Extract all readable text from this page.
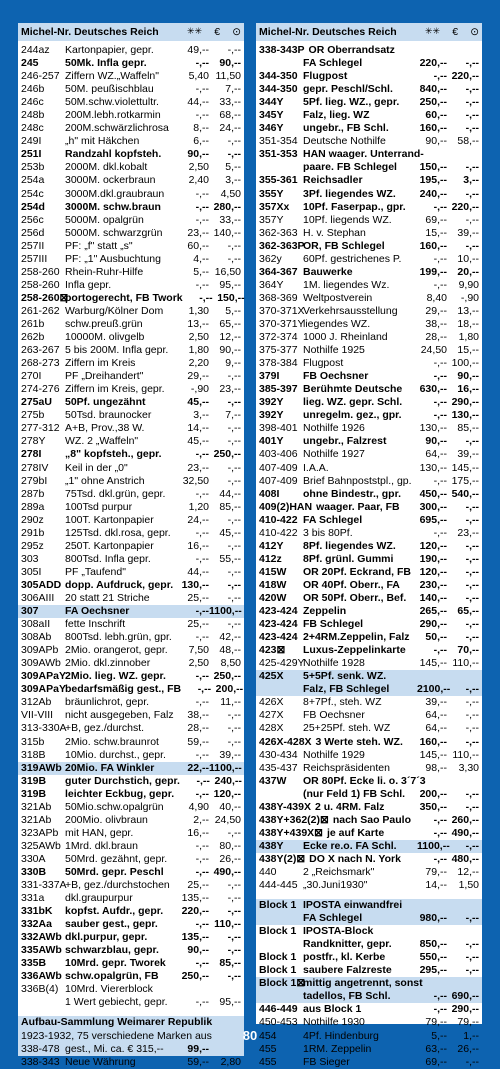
Michel-Nr. Deutsches Reich	✳✳ € ⊙
244az	Kartonpapier, gepr.	49,--	-,--
245	50Mk. Infla gepr.	-,-- 90,--
246-257 Ziffern WZ.„Waffeln"	5,40 11,50
246b	50M. peußischblau	-,--	7,--
246c	50M.schw.violettultr.	44,-- 33,--
248b	200M.lebh.rotkarmin	-,-- 68,--
248c	200M.schwärzlichrosa	8,-- 24,--
249I	„h" mit Häkchen	6,--	-,--
251I	Randzahl kopfsteh.	90,--	-,--
253b	2000M. dkl.kobalt	2,50	5,--
254a	3000M. ockerbraun	2,40	3,--
254c	3000M.dkl.graubraun	-,--	4,50
254d	3000M. schw.braun	-,-- 280,--
256c	5000M. opalgrün	-,-- 33,--
256d	5000M. schwarzgrün	23,-- 140,--
257II	PF: „f" statt „s"	60,--	-,--
257III	PF: „1" Ausbuchtung	4,--	-,--
258-260 Rhein-Ruhr-Hilfe	5,-- 16,50
258-260 Infla gepr.	-,-- 95,--
258-260⊠
portogerecht, FB Twork	-,-- 150,--
261-262 Warburg/Kölner Dom	1,30	5,--
261b	schw.preuß.grün	13,-- 65,--
262b	10000M. olivgelb	2,50 12,--
263-267 5 bis 200M. Infla gepr.	1,80 90,--
268-273 Ziffern im Kreis	2,20	9,--
270I	PF „Dreihandert"	29,--	-,--
274-276 Ziffern im Kreis, gepr.	-,90 23,--
275aU	50Pf. ungezähnt	45,--	-,--
275b	50Tsd. braunocker	3,--	7,--
277-312 A+B, Prov.,38 W.	14,--	-,--
278Y	WZ. 2 „Waffeln"	45,--	-,--
278I	„8" kopfsteh., gepr.	-,-- 250,--
278IV	Keil in der „0"	23,--	-,--
279bI	„1" ohne Anstrich	32,50	-,--
287b	75Tsd. dkl.grün, gepr.	-,-- 44,--
289a	100Tsd purpur	1,20 85,--
290z	100T. Kartonpapier	24,--	-,--
291b	125Tsd. dkl.rosa, gepr.	-,-- 45,--
295z	250T. Kartonpapier	16,--	-,--
303	800Tsd. Infla gepr.	-,-- 55,--
305I	PF „Taufend"	44,--	-,--
305ADD dopp. Aufdruck, gepr. 130,--	-,--
306AIII	20 statt 21 Striche	25,--	-,--
307	FA Oechsner	-,-- 1100,--
308aII	fette Inschrift	25,--	-,--
308Ab	800Tsd. lebh.grün, gpr.	-,-- 42,--
309APb 2Mio. orangerot, gepr.	7,50 48,--
309AWb 2Mio. dkl.zinnober	2,50	8,50
309APaY 2Mio. lieg. WZ. gepr.	-,-- 250,--
309APaY bedarfsmäßig gest., FB	-,-- 200,--
312Ab	bräunlichrot, gepr.	-,--	11,--
VII-VIII	nicht ausgegeben, Falz	38,--	-,--
313-330A
+B, gez./durchst.	28,--	-,--
315b	2Mio. schw.braunrot	59,--	-,--
318B	10Mio. durchst., gepr.	-,-- 39,--
319AWb 20Mio. FA Winkler	22,-- 1100,--
319B	guter Durchstich, gepr.	-,-- 240,--
319B	leichter Eckbug, gepr.	-,-- 120,--
321Ab	50Mio.schw.opalgrün	4,90 40,--
321Ab	200Mio. olivbraun	2,-- 24,50
323APb mit HAN, gepr.	16,--	-,--
325AWb 1Mrd. dkl.braun	-,-- 80,--
330A	50Mrd. gezähnt, gepr.	-,-- 26,--
330B	50Mrd. gepr. Peschl	-,-- 490,--
331-337A
+B, gez./durchstochen	25,--	-,--
331a	dkl.graupurpur	135,--	-,--
331bK	kopfst. Aufdr., gepr.	220,--	-,--
332Aa	sauber gest., gepr.	-,-- 110,--
332AWb dkl.purpur, gepr.	135,--	-,--
335AWb schwarzblau, gepr.	90,--	-,--
335B	10Mrd. gepr. Tworek	-,-- 85,--
336AWb schw.opalgrün, FB	250,--	-,--
336B(4) 10Mrd. Viererblock
1 Wert gebiecht, gepr.	-,-- 95,--
Aufbau-Sammlung Weimarer Republik
1923-1932, 75 verschiedene Marken aus
338-478 gest., Mi. ca. € 315,--	99,--
338-343 Neue Währung	59,--	2,80
Michel-Nr. Deutsches Reich	✳✳ € ⊙
338-343P OR Oberrandsatz
FA Schlegel	220,--	-,--
344-350 Flugpost	-,-- 220,--
344-350 gepr. Peschl/Schl.	840,--	-,--
344Y	5Pf. lieg. WZ., gepr.	250,--	-,--
345Y	Falz, lieg. WZ	60,--	-,--
346Y	ungebr., FB Schl.	160,--	-,--
351-354 Deutsche Nothilfe	90,-- 58,--
351-353 HAN waager. Unterrand-
paare. FB Schlegel	150,--	-,--
355-361 Reichsadler	195,--	3,--
355Y	3Pf. liegendes WZ.	240,--	-,--
357Xx	10Pf. Faserpap., gpr.	-,-- 220,--
357Y	10Pf. liegends WZ.	69,--	-,--
362-363 H. v. Stephan	15,-- 39,--
362-363P
OR, FB Schlegel	160,--	-,--
362y	60Pf. gestrichenes P.	-,-- 10,--
364-367 Bauwerke	199,-- 20,--
364Y	1M. liegendes Wz.	-,--	9,90
368-369 Weltpostverein	8,40	-,90
370-371X
Verkehrsausstellung	29,-- 13,--
370-371Y
liegendes WZ.	38,-- 18,--
372-374 1000 J. Rheinland	28,--	1,80
375-377 Nothilfe 1925	24,50 15,--
378-384 Flugpost	-,-- 100,--
379I	FB Oechsner	-,-- 90,--
385-397 Berühmte Deutsche	630,-- 16,--
392Y	lieg. WZ. gepr. Schl.	-,-- 290,--
392Y	unregelm. gez., gpr.	-,-- 130,--
398-401 Nothilfe 1926	130,-- 85,--
401Y	ungebr., Falzrest	90,--	-,--
403-406 Nothilfe 1927	64,-- 39,--
407-409 I.A.A.	130,-- 145,--
407-409 Brief Bahnpoststpl., gp.	-,-- 175,--
408I	ohne Bindestr., gpr.	450,-- 540,--
409(2)HAN waager. Paar, FB	300,--	-,--
410-422 FA Schlegel	695,--	-,--
410-422 3 bis 80Pf.	-,-- 23,--
412Y	8Pf. liegendes WZ.	120,--	-,--
412z	8Pf. grünl. Gummi	190,--	-,--
415W	OR 20Pf. Eckrand, FB 120,--	-,--
418W	OR 40Pf. Oberr., FA	230,--	-,--
420W	OR 50Pf. Oberr., Bef.	140,--	-,--
423-424 Zeppelin	265,-- 65,--
423-424 FB Schlegel	290,--	-,--
423-424 2+4RM.Zeppelin, Falz	50,--	-,--
423⊠	Luxus-Zeppelinkarte	-,-- 70,--
425-429Y
Nothilfe 1928	145,-- 110,--
425X	5+5Pf. senk. WZ.
Falz, FB Schlegel	2100,--	-,--
426X	8+7Pf., steh. WZ	39,--	-,--
427X	FB Oechsner	64,--	-,--
428X	25+25Pf. steh. WZ	64,--	-,--
426X-428X 3 Werte steh. WZ.	160,--	-,--
430-434 Nothilfe 1929	145,-- 110,--
435-437 Reichspräsidenten	98,--	3,30
437W	OR 80Pf. Ecke li. o. 3´7´3
(nur Feld 1) FB Schl.	200,--	-,--
438Y-439X 2 u. 4RM. Falz	350,--	-,--
438Y+362(2)⊠ nach Sao Paulo	-,-- 260,--
438Y+439X⊠ je auf Karte	-,-- 490,--
438Y	Ecke re.o. FA Schl.	1100,--	-,--
438Y(2)⊠ DO X nach N. York	-,-- 480,--
440	2 „Reichsmark"	79,-- 12,--
444-445 „30.Juni1930"	14,--	1,50
Block 1 IPOSTA einwandfrei
FA Schlegel	980,--	-,--
Block 1 IPOSTA-Block
Randknitter, gepr.	850,--	-,--
Block 1 postfr., kl. Kerbe	550,--	-,--
Block 1 saubere Falzreste	295,--	-,--
Block 1⊠
mittig angetrennt, sonst
tadellos, FB Schl.	-,-- 690,--
446-449 aus Block 1	-,-- 290,--
450-453 Nothilfe 1930	79,-- 79,--
454	4Pf. Hindenburg	5,--	1,--
455	1RM. Zeppelin	63,-- 26,--
455	FB Sieger	69,--	-,--
80
